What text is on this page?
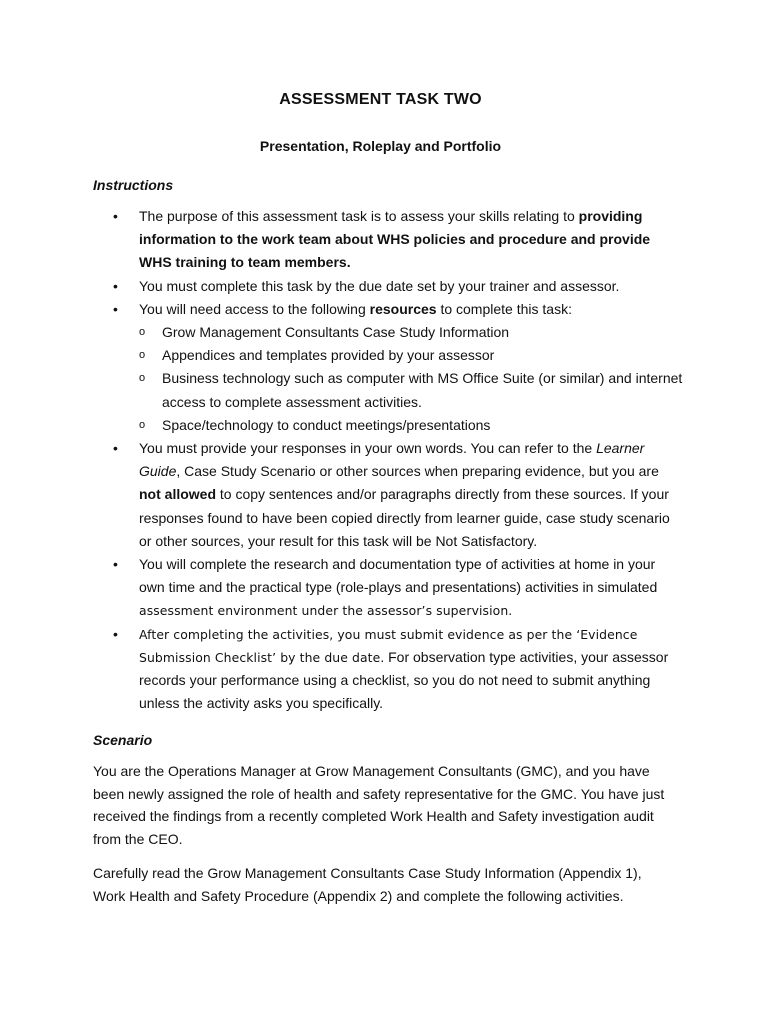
ASSESSMENT TASK TWO
Presentation, Roleplay and Portfolio
Instructions
• The purpose of this assessment task is to assess your skills relating to providing information to the work team about WHS policies and procedure and provide WHS training to team members.
• You must complete this task by the due date set by your trainer and assessor.
• You will need access to the following resources to complete this task:
o Grow Management Consultants Case Study Information
o Appendices and templates provided by your assessor
o Business technology such as computer with MS Office Suite (or similar) and internet access to complete assessment activities.
o Space/technology to conduct meetings/presentations
• You must provide your responses in your own words. You can refer to the Learner Guide, Case Study Scenario or other sources when preparing evidence, but you are not allowed to copy sentences and/or paragraphs directly from these sources. If your responses found to have been copied directly from learner guide, case study scenario or other sources, your result for this task will be Not Satisfactory.
• You will complete the research and documentation type of activities at home in your own time and the practical type (role-plays and presentations) activities in simulated assessment environment under the assessor’s supervision.
• After completing the activities, you must submit evidence as per the ‘Evidence Submission Checklist’ by the due date. For observation type activities, your assessor records your performance using a checklist, so you do not need to submit anything unless the activity asks you specifically.
Scenario
You are the Operations Manager at Grow Management Consultants (GMC), and you have been newly assigned the role of health and safety representative for the GMC. You have just received the findings from a recently completed Work Health and Safety investigation audit from the CEO.
Carefully read the Grow Management Consultants Case Study Information (Appendix 1), Work Health and Safety Procedure (Appendix 2) and complete the following activities.
